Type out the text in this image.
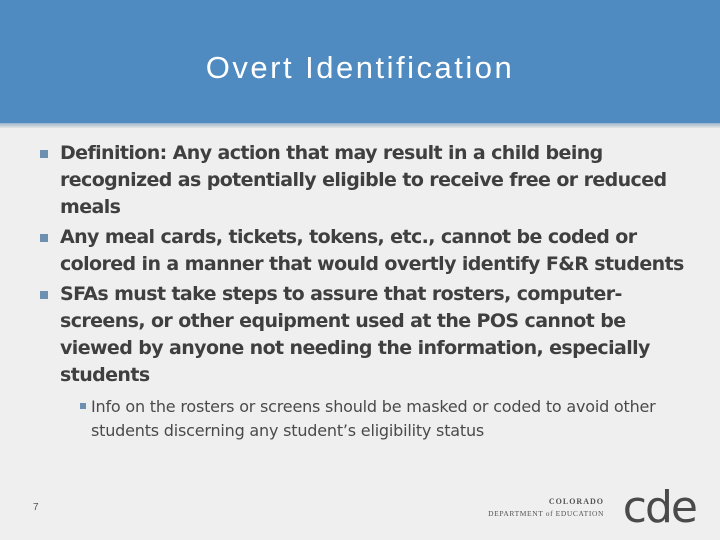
Overt Identification
Definition: Any action that may result in a child being recognized as potentially eligible to receive free or reduced meals
Any meal cards, tickets, tokens, etc., cannot be coded or colored in a manner that would overtly identify F&R students
SFAs must take steps to assure that rosters, computer-screens, or other equipment used at the POS cannot be viewed by anyone not needing the information, especially students
Info on the rosters or screens should be masked or coded to avoid other students discerning any student’s eligibility status
7
COLORADO
DEPARTMENT of EDUCATION cde
